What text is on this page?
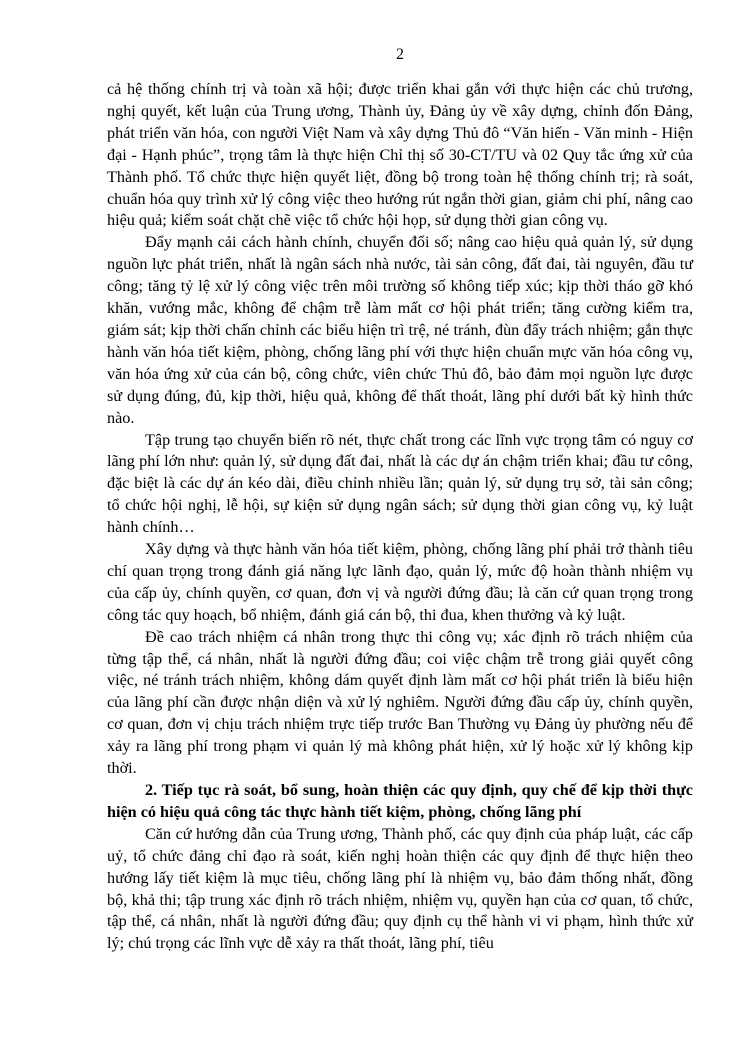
2

cả hệ thống chính trị và toàn xã hội; được triển khai gắn với thực hiện các chủ trương, nghị quyết, kết luận của Trung ương, Thành ủy, Đảng ủy về xây dựng, chỉnh đốn Đảng, phát triển văn hóa, con người Việt Nam và xây dựng Thủ đô “Văn hiến - Văn minh - Hiện đại - Hạnh phúc”, trọng tâm là thực hiện Chỉ thị số 30-CT/TU và 02 Quy tắc ứng xử của Thành phố. Tổ chức thực hiện quyết liệt, đồng bộ trong toàn hệ thống chính trị; rà soát, chuẩn hóa quy trình xử lý công việc theo hướng rút ngắn thời gian, giảm chi phí, nâng cao hiệu quả; kiểm soát chặt chẽ việc tổ chức hội họp, sử dụng thời gian công vụ.

Đẩy mạnh cải cách hành chính, chuyển đổi số; nâng cao hiệu quả quản lý, sử dụng nguồn lực phát triển, nhất là ngân sách nhà nước, tài sản công, đất đai, tài nguyên, đầu tư công; tăng tỷ lệ xử lý công việc trên môi trường số không tiếp xúc; kịp thời tháo gỡ khó khăn, vướng mắc, không để chậm trễ làm mất cơ hội phát triển; tăng cường kiểm tra, giám sát; kịp thời chấn chỉnh các biểu hiện trì trệ, né tránh, đùn đẩy trách nhiệm; gắn thực hành văn hóa tiết kiệm, phòng, chống lãng phí với thực hiện chuẩn mực văn hóa công vụ, văn hóa ứng xử của cán bộ, công chức, viên chức Thủ đô, bảo đảm mọi nguồn lực được sử dụng đúng, đủ, kịp thời, hiệu quả, không để thất thoát, lãng phí dưới bất kỳ hình thức nào.

Tập trung tạo chuyển biến rõ nét, thực chất trong các lĩnh vực trọng tâm có nguy cơ lãng phí lớn như: quản lý, sử dụng đất đai, nhất là các dự án chậm triển khai; đầu tư công, đặc biệt là các dự án kéo dài, điều chỉnh nhiều lần; quản lý, sử dụng trụ sở, tài sản công; tổ chức hội nghị, lễ hội, sự kiện sử dụng ngân sách; sử dụng thời gian công vụ, kỷ luật hành chính…

Xây dựng và thực hành văn hóa tiết kiệm, phòng, chống lãng phí phải trở thành tiêu chí quan trọng trong đánh giá năng lực lãnh đạo, quản lý, mức độ hoàn thành nhiệm vụ của cấp ủy, chính quyền, cơ quan, đơn vị và người đứng đầu; là căn cứ quan trọng trong công tác quy hoạch, bổ nhiệm, đánh giá cán bộ, thi đua, khen thưởng và kỷ luật.

Đề cao trách nhiệm cá nhân trong thực thi công vụ; xác định rõ trách nhiệm của từng tập thể, cá nhân, nhất là người đứng đầu; coi việc chậm trễ trong giải quyết công việc, né tránh trách nhiệm, không dám quyết định làm mất cơ hội phát triển là biểu hiện của lãng phí cần được nhận diện và xử lý nghiêm. Người đứng đầu cấp ủy, chính quyền, cơ quan, đơn vị chịu trách nhiệm trực tiếp trước Ban Thường vụ Đảng ủy phường nếu để xảy ra lãng phí trong phạm vi quản lý mà không phát hiện, xử lý hoặc xử lý không kịp thời.

2. Tiếp tục rà soát, bổ sung, hoàn thiện các quy định, quy chế để kịp thời thực hiện có hiệu quả công tác thực hành tiết kiệm, phòng, chống lãng phí

Căn cứ hướng dẫn của Trung ương, Thành phố, các quy định của pháp luật, các cấp uỷ, tổ chức đảng chỉ đạo rà soát, kiến nghị hoàn thiện các quy định để thực hiện theo hướng lấy tiết kiệm là mục tiêu, chống lãng phí là nhiệm vụ, bảo đảm thống nhất, đồng bộ, khả thi; tập trung xác định rõ trách nhiệm, nhiệm vụ, quyền hạn của cơ quan, tổ chức, tập thể, cá nhân, nhất là người đứng đầu; quy định cụ thể hành vi vi phạm, hình thức xử lý; chú trọng các lĩnh vực dễ xảy ra thất thoát, lãng phí, tiêu
